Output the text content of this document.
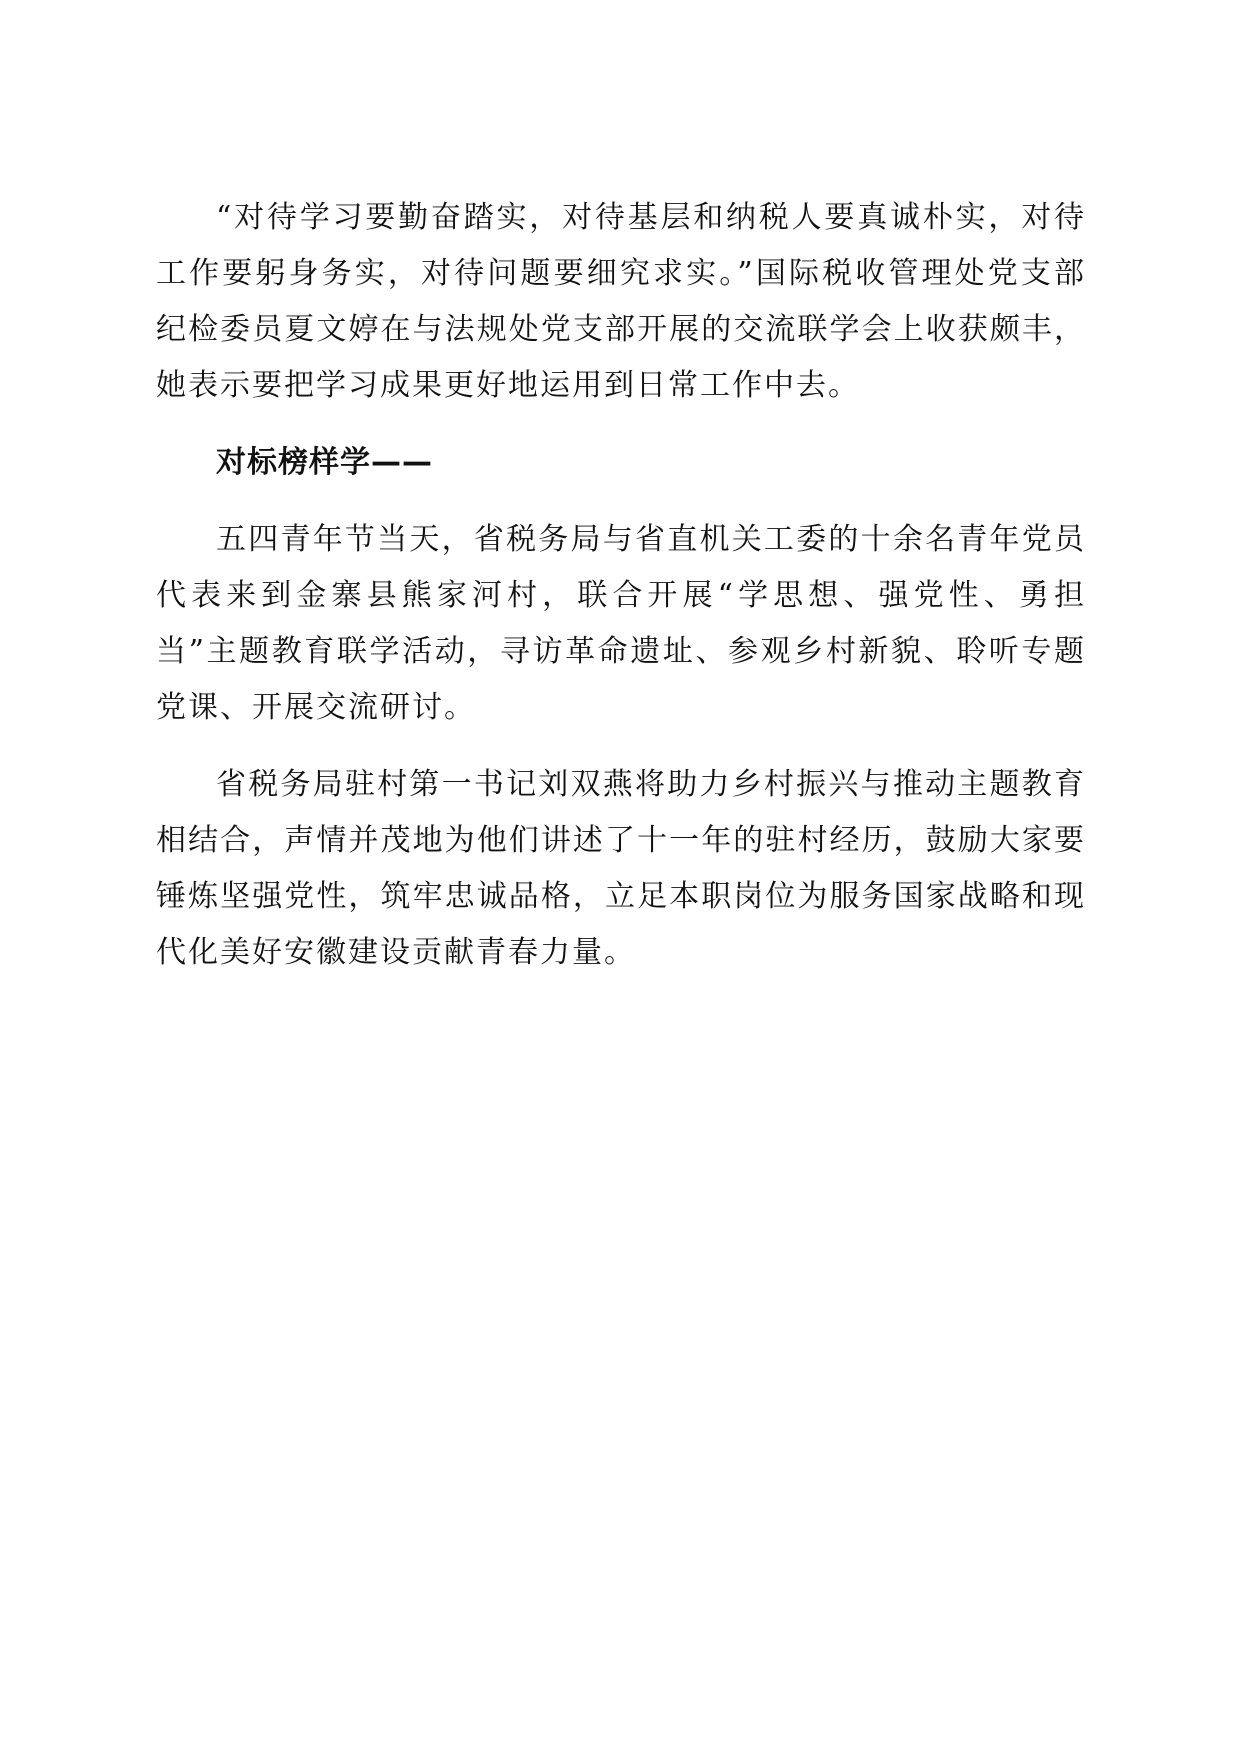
“对待学习要勤奋踏实，对待基层和纳税人要真诚朴实，对待工作要躬身务实，对待问题要细究求实。”国际税收管理处党支部纪检委员夏文婷在与法规处党支部开展的交流联学会上收获颇丰，她表示要把学习成果更好地运用到日常工作中去。

对标榜样学——

五四青年节当天，省税务局与省直机关工委的十余名青年党员代表来到金寨县熊家河村，联合开展“学思想、强党性、勇担当”主题教育联学活动，寻访革命遗址、参观乡村新貌、聆听专题党课、开展交流研讨。

省税务局驻村第一书记刘双燕将助力乡村振兴与推动主题教育相结合，声情并茂地为他们讲述了十一年的驻村经历，鼓励大家要锤炼坚强党性，筑牢忠诚品格，立足本职岗位为服务国家战略和现代化美好安徽建设贡献青春力量。
